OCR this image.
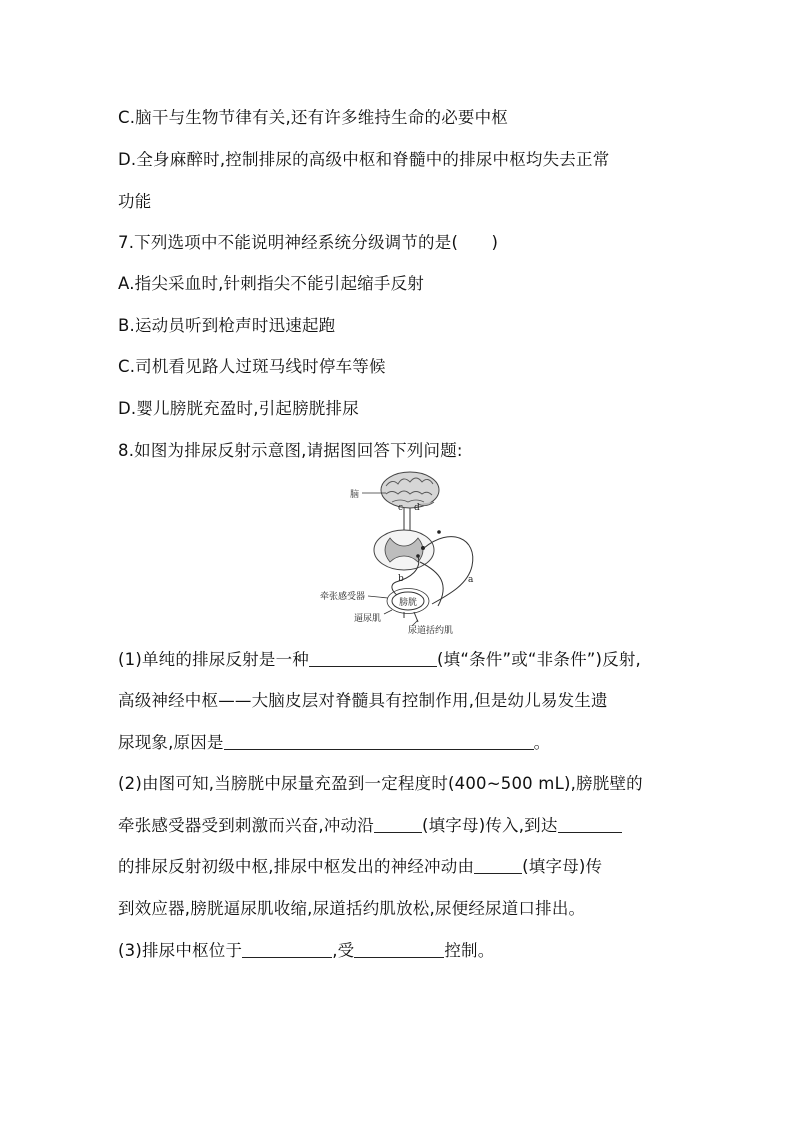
C.脑干与生物节律有关,还有许多维持生命的必要中枢
D.全身麻醉时,控制排尿的高级中枢和脊髓中的排尿中枢均失去正常
功能
7.下列选项中不能说明神经系统分级调节的是(　　)
A.指尖采血时,针刺指尖不能引起缩手反射
B.运动员听到枪声时迅速起跑
C.司机看见路人过斑马线时停车等候
D.婴儿膀胱充盈时,引起膀胱排尿
8.如图为排尿反射示意图,请据图回答下列问题:
脑
c d
a
b
膀胱
牵张感受器
逼尿肌
尿道括约肌
(1)单纯的排尿反射是一种	(填“条件”或“非条件”)反射,
高级神经中枢——大脑皮层对脊髓具有控制作用,但是幼儿易发生遗
尿现象,原因是	。
(2)由图可知,当膀胱中尿量充盈到一定程度时(400~500 mL),膀胱壁的
牵张感受器受到刺激而兴奋,冲动沿	(填字母)传入,到达
的排尿反射初级中枢,排尿中枢发出的神经冲动由	(填字母)传
到效应器,膀胱逼尿肌收缩,尿道括约肌放松,尿便经尿道口排出。
(3)排尿中枢位于	,受	控制。
